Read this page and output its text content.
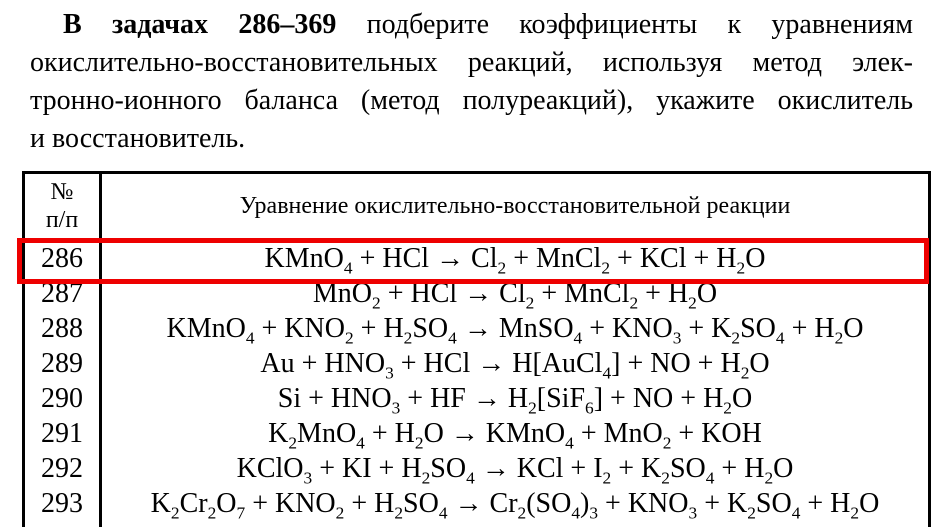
В задачах 286–369 подберите коэффициенты к уравнениям
окислительно-восстановительных реакций, используя метод элек-
тронно-ионного баланса (метод полуреакций), укажите окислитель
и восстановитель.
№
п/п
Уравнение окислительно-восстановительной реакции
286	KMnO$_4$ + HCl → $Cl_2$ + MnCl$_2$ + KCl + $H_2O$
287	MnO$_2$ + HCl → $Cl_2$ + MnCl$_2$ + $H_2O$
288	KMnO$_4$ + $KNO_2 + H_2SO_4$ → MnSO$_4$ + $KNO_3 + K_2SO_4 + H_2O$
289	$Au + HNO_3$ + HCl → H[AuCl$_4$] + NO + $H_2O$
290	$Si + HNO_3$ + HF → $H_2[SiF_6]$ + NO + $H_2O$
291	$K_2MnO_4 + H_2O$ → KMnO$_4$ + MnO$_2$ + KOH
292	KClO$_3$ + KI + $H_2SO_4$ → KCl + $I_2 + K_2SO_4 + H_2O$
293	$K_2Cr_2O_7 + KNO_2 + H_2SO_4 \to Cr_2(SO_4)_3 + KNO_3 + K_2SO_4 + H_2O$
